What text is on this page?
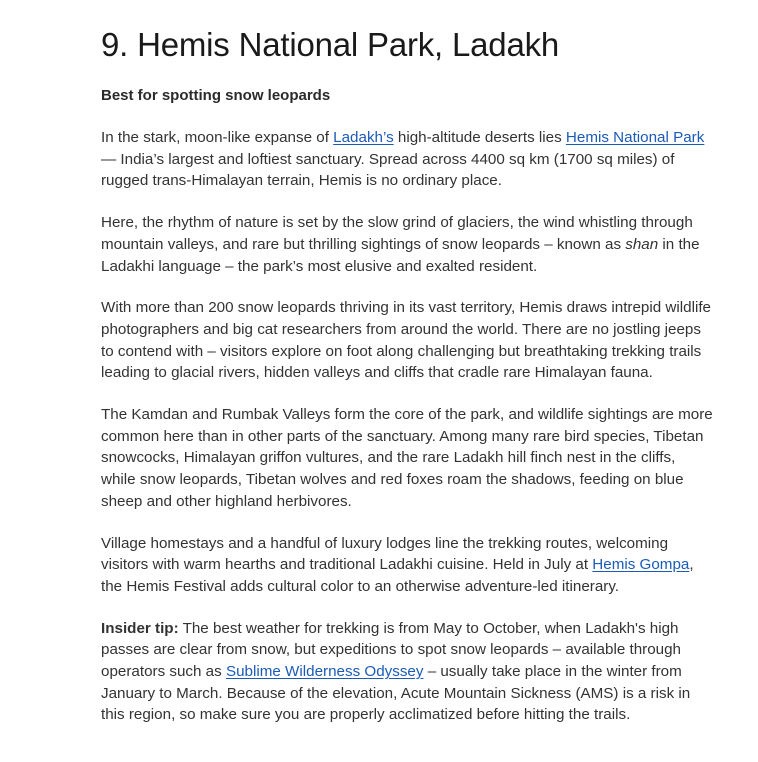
9. Hemis National Park, Ladakh
Best for spotting snow leopards

In the stark, moon-like expanse of Ladakh’s high-altitude deserts lies Hemis National Park — India’s largest and loftiest sanctuary. Spread across 4400 sq km (1700 sq miles) of rugged trans-Himalayan terrain, Hemis is no ordinary place.

Here, the rhythm of nature is set by the slow grind of glaciers, the wind whistling through mountain valleys, and rare but thrilling sightings of snow leopards – known as shan in the Ladakhi language – the park’s most elusive and exalted resident.

With more than 200 snow leopards thriving in its vast territory, Hemis draws intrepid wildlife photographers and big cat researchers from around the world. There are no jostling jeeps to contend with – visitors explore on foot along challenging but breathtaking trekking trails leading to glacial rivers, hidden valleys and cliffs that cradle rare Himalayan fauna.

The Kamdan and Rumbak Valleys form the core of the park, and wildlife sightings are more common here than in other parts of the sanctuary. Among many rare bird species, Tibetan snowcocks, Himalayan griffon vultures, and the rare Ladakh hill finch nest in the cliffs, while snow leopards, Tibetan wolves and red foxes roam the shadows, feeding on blue sheep and other highland herbivores.

Village homestays and a handful of luxury lodges line the trekking routes, welcoming visitors with warm hearths and traditional Ladakhi cuisine. Held in July at Hemis Gompa, the Hemis Festival adds cultural color to an otherwise adventure-led itinerary.

Insider tip: The best weather for trekking is from May to October, when Ladakh's high passes are clear from snow, but expeditions to spot snow leopards – available through operators such as Sublime Wilderness Odyssey – usually take place in the winter from January to March. Because of the elevation, Acute Mountain Sickness (AMS) is a risk in this region, so make sure you are properly acclimatized before hitting the trails.
